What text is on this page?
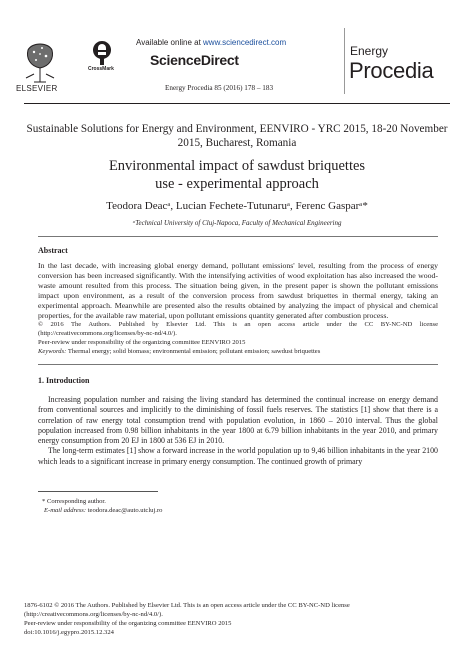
ELSEVIER
CrossMark
Available online at www.sciencedirect.com
ScienceDirect
Energy Procedia 85 (2016) 178 – 183
Energy
Procedia
Sustainable Solutions for Energy and Environment, EENVIRO - YRC 2015, 18-20 November 2015, Bucharest, Romania
Environmental impact of sawdust briquettes
use - experimental approach
Teodora Deacᵃ, Lucian Fechete-Tutunaruᵃ, Ferenc Gasparᵃ*
ᵃTechnical University of Cluj-Napoca, Faculty of Mechanical Engineering
Abstract

In the last decade, with increasing global energy demand, pollutant emissions' level, resulting from the process of energy conversion has been increased significantly. With the intensifying activities of wood exploitation has also increased the wood-waste amount resulted from this process. The situation being given, in the present paper is shown the pollutant emissions impact upon environment, as a result of the conversion process from sawdust briquettes in thermal energy, taking an experimental approach. Meanwhile are presented also the results obtained by analyzing the impact of physical and chemical properties, for the available raw material, upon pollutant emissions quantity generated after combustion process.

© 2016 The Authors. Published by Elsevier Ltd. This is an open access article under the CC BY-NC-ND license (http://creativecommons.org/licenses/by-nc-nd/4.0/).

Peer-review under responsibility of the organizing committee EENVIRO 2015

Keywords: Thermal energy; solid biomass; environmental emission; pollutant emission; sawdust briquettes

1. Introduction

Increasing population number and raising the living standard has determined the continual increase on energy demand from conventional sources and implicitly to the diminishing of fossil fuels reserves. The statistics [1] show that there is a correlation of raw energy total consumption trend with population evolution, in 1860 – 2010 interval. Thus the global population increased from 0.98 billion inhabitants in the year 1800 at 6.79 billion inhabitants in the year 2010, and primary energy consumption from 20 EJ in 1800 at 536 EJ in 2010.

The long-term estimates [1] show a forward increase in the world population up to 9,46 billion inhabitants in the year 2100 which leads to a significant increase in primary energy consumption. The continued growth of primary

* Corresponding author.
E-mail address: teodora.deac@auto.utcluj.ro
1876-6102 © 2016 The Authors. Published by Elsevier Ltd. This is an open access article under the CC BY-NC-ND license
(http://creativecommons.org/licenses/by-nc-nd/4.0/).
Peer-review under responsibility of the organizing committee EENVIRO 2015
doi:10.1016/j.egypro.2015.12.324
